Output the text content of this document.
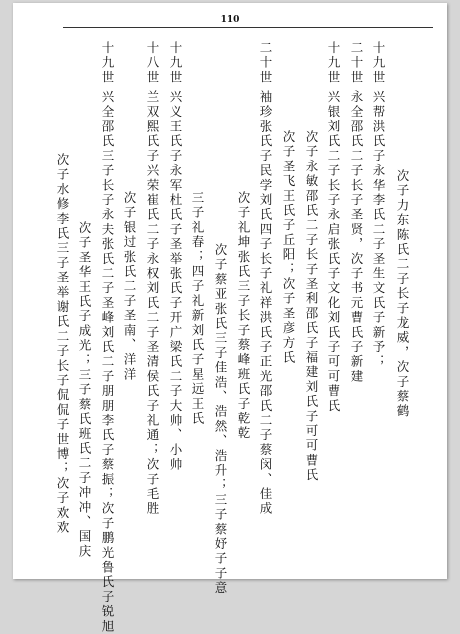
110
十九世兴帮洪氏子永华李氏二子圣生文氏子新予； 次子力东陈氏二子长子龙威，次子蔡鹤
二十世永全邵氏二子长子圣贤，次子书元曹氏子新建
十九世兴银刘氏二子长子永启张氏子文化刘氏子可可曹氏
次子永敏邵氏二子长子圣利邵氏子福建刘氏子可可曹氏
次子圣飞王氏子丘阳；次子圣彦方氏
二十世袖珍张氏子民学刘氏四子长子礼祥洪氏子正光邵氏二子蔡闵、佳成
次子礼坤张氏三子长子蔡峰班氏子乾乾
次子蔡亚张氏三子佳浩、浩然、浩升；三子蔡妤子子意
三子礼春；四子礼新刘氏子星远王氏
十九世兴义王氏子永军杜氏子圣举张氏子开广梁氏二子大帅、小帅
十八世兰双熙氏子兴荣崔氏二子永权刘氏二子圣清侯氏子礼通；次子毛胜
次子银过张氏二子圣南、洋洋
十九世兴全邵氏三子长子永夫张氏二子圣峰刘氏二子朋朋李氏子蔡振；次子鹏光鲁氏子锐旭
次子圣华王氏子成光；三子蔡氏班氏二子冲冲、国庆
次子水修李氏三子圣举谢氏二子长子侃侃子世博；次子欢欢
